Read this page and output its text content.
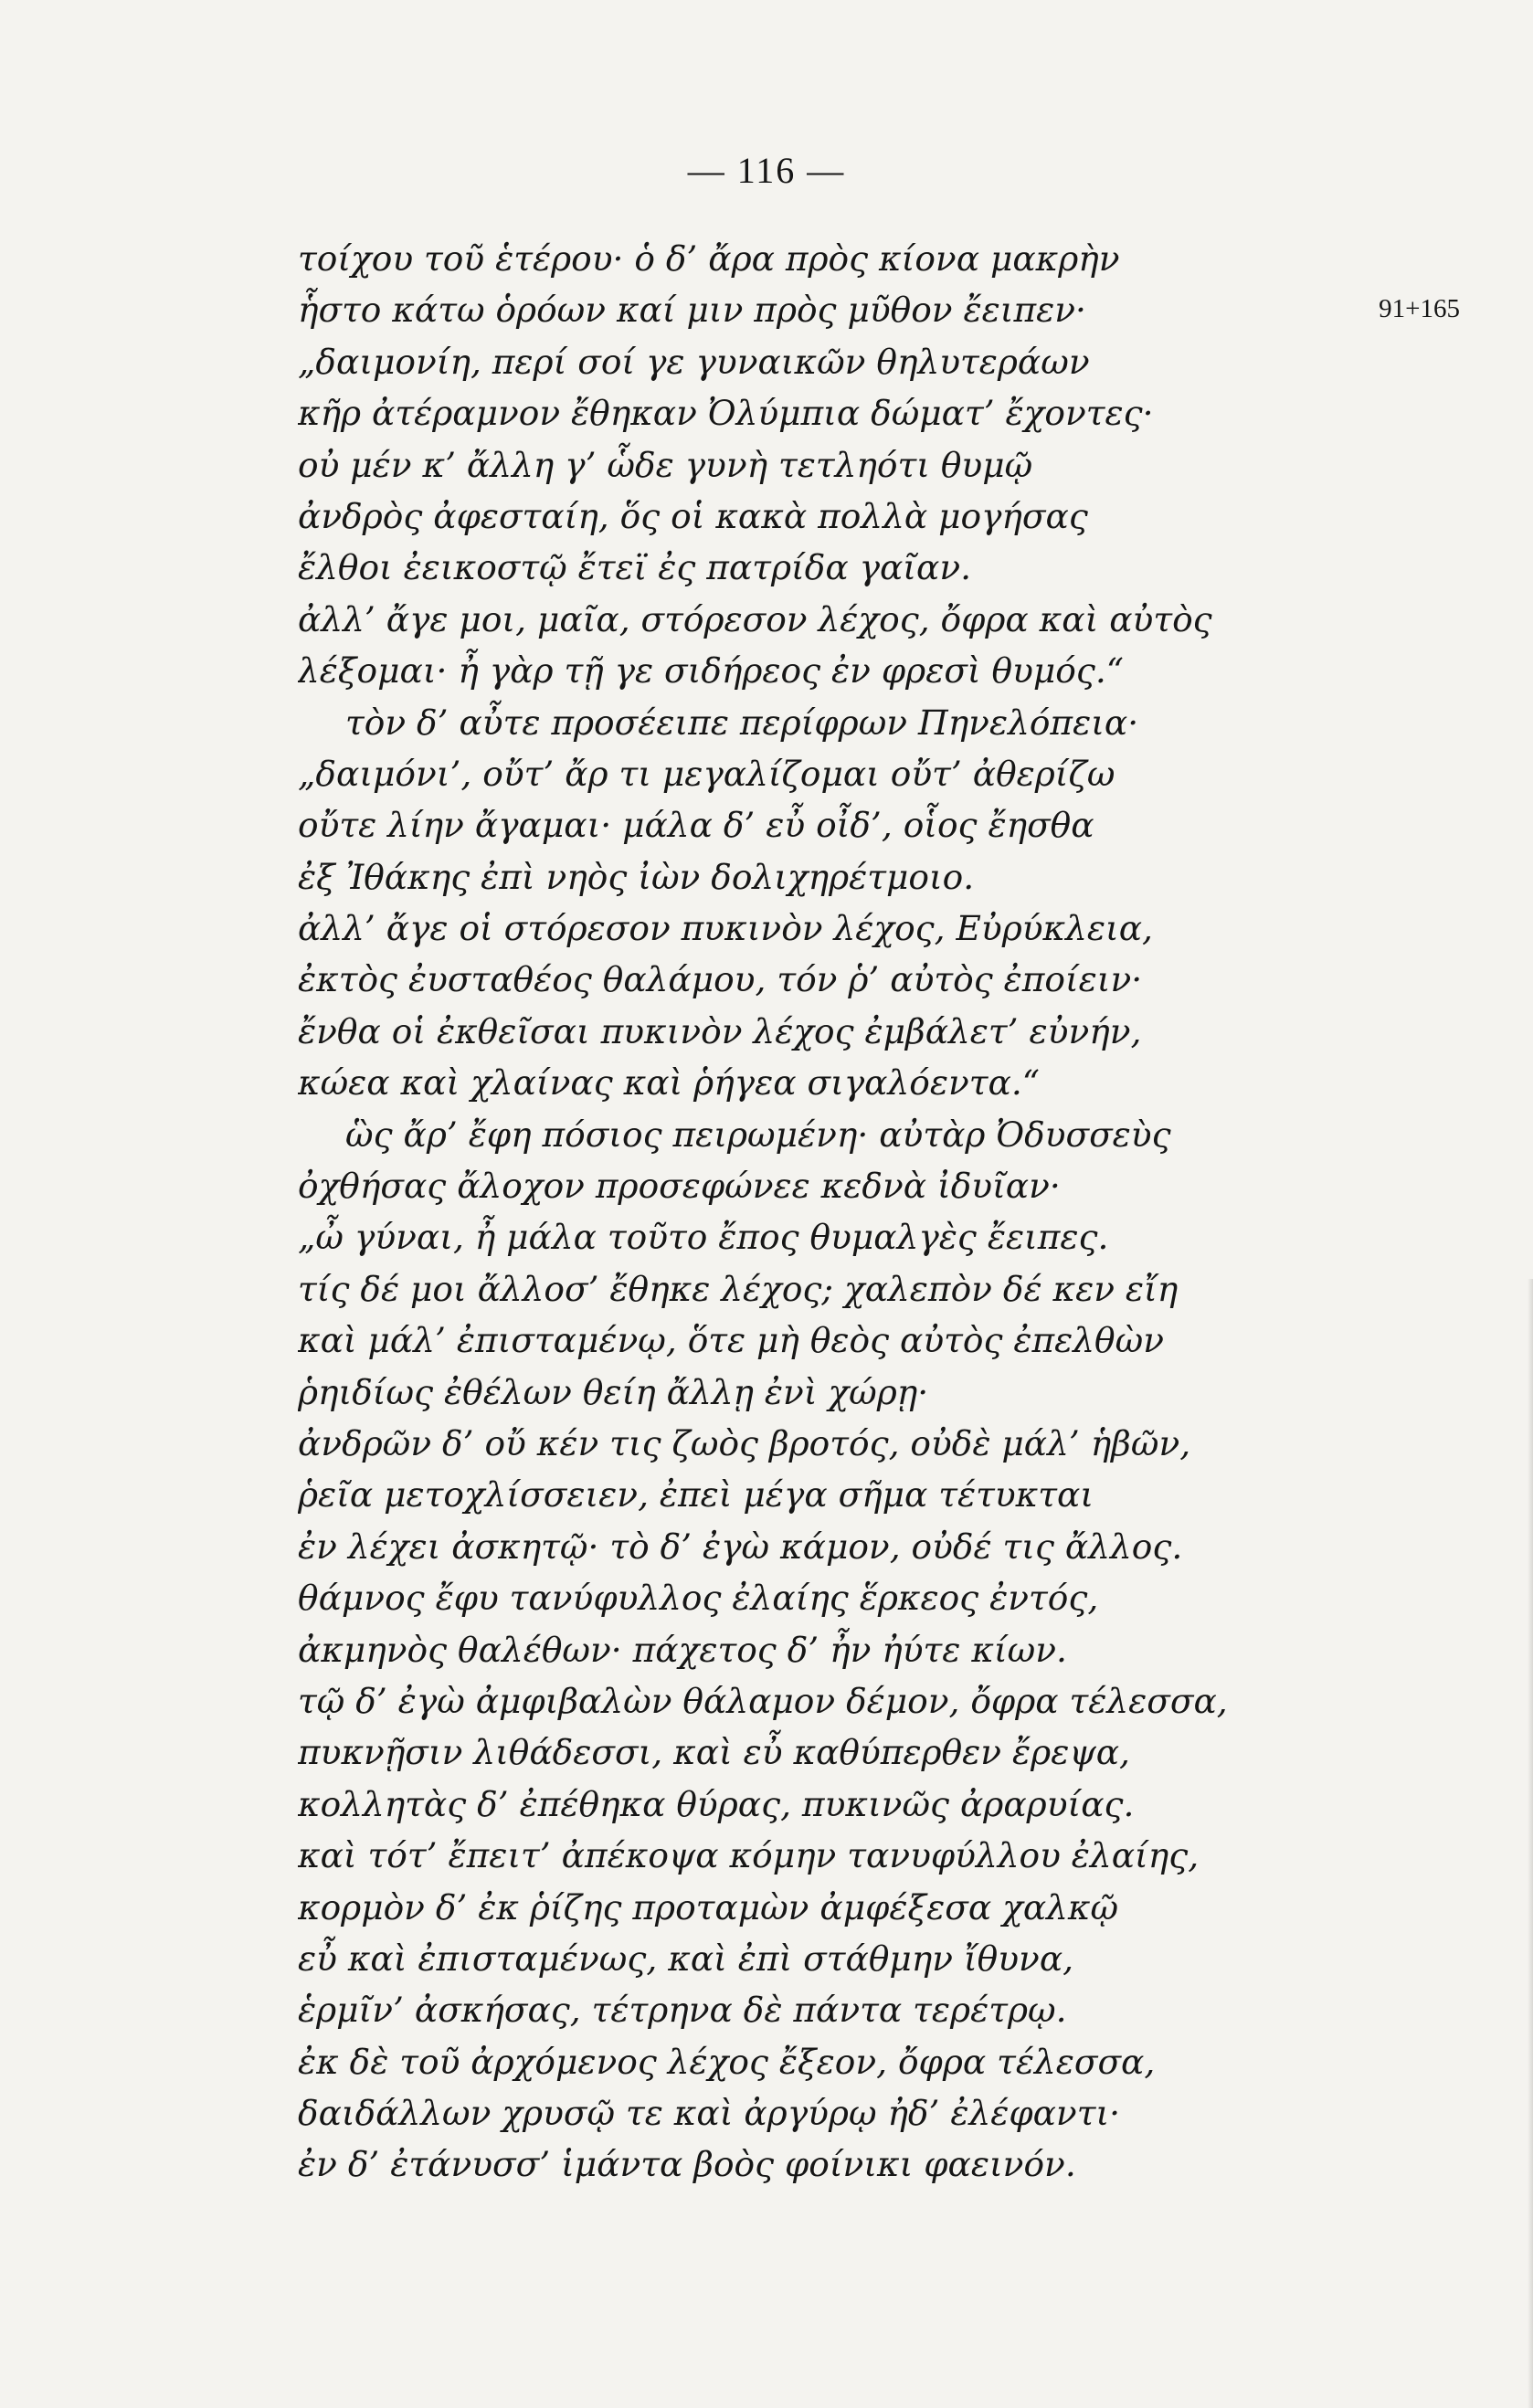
— 116 —
91+165
τοίχου τοῦ ἑτέρου· ὁ δ’ ἄρα πρὸς κίονα μακρὴν
ἧστο κάτω ὁρόων καί μιν πρὸς μῦθον ἔειπεν·
„δαιμονίη, περί σοί γε γυναικῶν θηλυτεράων
κῆρ ἀτέραμνον ἔθηκαν Ὀλύμπια δώματ’ ἔχοντες·
οὐ μέν κ’ ἄλλη γ’ ὧδε γυνὴ τετληότι θυμῷ
ἀνδρὸς ἀφεσταίη, ὅς οἱ κακὰ πολλὰ μογήσας
ἔλθοι ἐεικοστῷ ἔτεϊ ἐς πατρίδα γαῖαν.
ἀλλ’ ἄγε μοι, μαῖα, στόρεσον λέχος, ὄφρα καὶ αὐτὸς
λέξομαι· ἦ γὰρ τῇ γε σιδήρεος ἐν φρεσὶ θυμός.“
τὸν δ’ αὖτε προσέειπε περίφρων Πηνελόπεια·
„δαιμόνι’, οὔτ’ ἄρ τι μεγαλίζομαι οὔτ’ ἀθερίζω
οὔτε λίην ἄγαμαι· μάλα δ’ εὖ οἶδ’, οἷος ἔησθα
ἐξ Ἰθάκης ἐπὶ νηὸς ἰὼν δολιχηρέτμοιο.
ἀλλ’ ἄγε οἱ στόρεσον πυκινὸν λέχος, Εὐρύκλεια,
ἐκτὸς ἐυσταθέος θαλάμου, τόν ῥ’ αὐτὸς ἐποίειν·
ἔνθα οἱ ἐκθεῖσαι πυκινὸν λέχος ἐμβάλετ’ εὐνήν,
κώεα καὶ χλαίνας καὶ ῥήγεα σιγαλόεντα.“
ὣς ἄρ’ ἔφη πόσιος πειρωμένη· αὐτὰρ Ὀδυσσεὺς
ὀχθήσας ἄλοχον προσεφώνεε κεδνὰ ἰδυῖαν·
„ὦ γύναι, ἦ μάλα τοῦτο ἔπος θυμαλγὲς ἔειπες.
τίς δέ μοι ἄλλοσ’ ἔθηκε λέχος; χαλεπὸν δέ κεν εἴη
καὶ μάλ’ ἐπισταμένῳ, ὅτε μὴ θεὸς αὐτὸς ἐπελθὼν
ῥηιδίως ἐθέλων θείη ἄλλῃ ἐνὶ χώρῃ·
ἀνδρῶν δ’ οὔ κέν τις ζωὸς βροτός, οὐδὲ μάλ’ ἡβῶν,
ῥεῖα μετοχλίσσειεν, ἐπεὶ μέγα σῆμα τέτυκται
ἐν λέχει ἀσκητῷ· τὸ δ’ ἐγὼ κάμον, οὐδέ τις ἄλλος.
θάμνος ἔφυ τανύφυλλος ἐλαίης ἕρκεος ἐντός,
ἀκμηνὸς θαλέθων· πάχετος δ’ ἦν ἠύτε κίων.
τῷ δ’ ἐγὼ ἀμφιβαλὼν θάλαμον δέμον, ὄφρα τέλεσσα,
πυκνῇσιν λιθάδεσσι, καὶ εὖ καθύπερθεν ἔρεψα,
κολλητὰς δ’ ἐπέθηκα θύρας, πυκινῶς ἀραρυίας.
καὶ τότ’ ἔπειτ’ ἀπέκοψα κόμην τανυφύλλου ἐλαίης,
κορμὸν δ’ ἐκ ῥίζης προταμὼν ἀμφέξεσα χαλκῷ
εὖ καὶ ἐπισταμένως, καὶ ἐπὶ στάθμην ἴθυνα,
ἑρμῖν’ ἀσκήσας, τέτρηνα δὲ πάντα τερέτρῳ.
ἐκ δὲ τοῦ ἀρχόμενος λέχος ἔξεον, ὄφρα τέλεσσα,
δαιδάλλων χρυσῷ τε καὶ ἀργύρῳ ἠδ’ ἐλέφαντι·
ἐν δ’ ἐτάνυσσ’ ἱμάντα βοὸς φοίνικι φαεινόν.
